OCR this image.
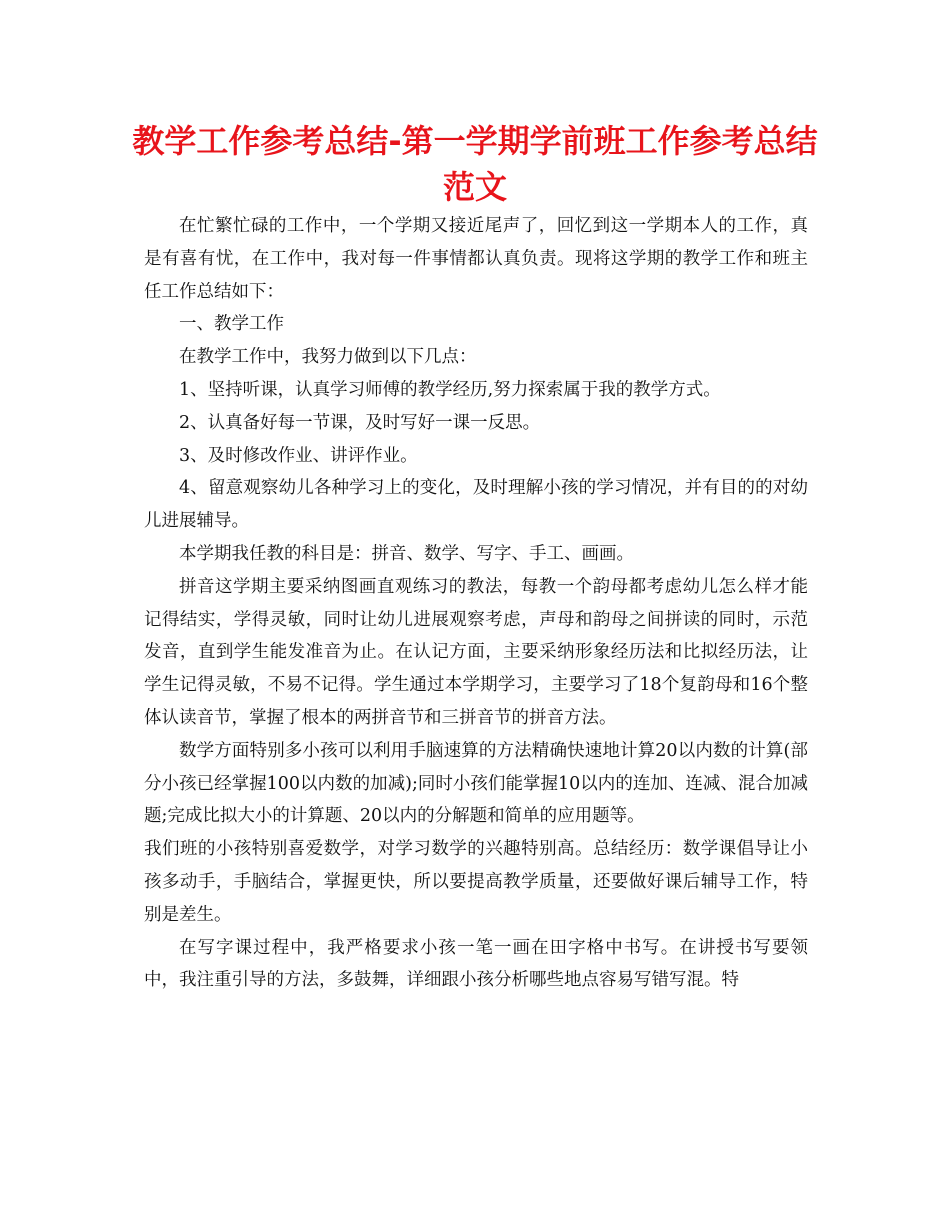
教学工作参考总结-第一学期学前班工作参考总结范文

在忙繁忙碌的工作中，一个学期又接近尾声了，回忆到这一学期本人的工作，真是有喜有忧，在工作中，我对每一件事情都认真负责。现将这学期的教学工作和班主任工作总结如下：

一、教学工作

在教学工作中，我努力做到以下几点：

1、坚持听课，认真学习师傅的教学经历,努力探索属于我的教学方式。

2、认真备好每一节课，及时写好一课一反思。

3、及时修改作业、讲评作业。

4、留意观察幼儿各种学习上的变化，及时理解小孩的学习情况，并有目的的对幼儿进展辅导。

本学期我任教的科目是：拼音、数学、写字、手工、画画。

拼音这学期主要采纳图画直观练习的教法，每教一个韵母都考虑幼儿怎么样才能记得结实，学得灵敏，同时让幼儿进展观察考虑，声母和韵母之间拼读的同时，示范发音，直到学生能发准音为止。在认记方面，主要采纳形象经历法和比拟经历法，让学生记得灵敏，不易不记得。学生通过本学期学习，主要学习了18个复韵母和16个整体认读音节，掌握了根本的两拼音节和三拼音节的拼音方法。

数学方面特别多小孩可以利用手脑速算的方法精确快速地计算20以内数的计算(部分小孩已经掌握100以内数的加减);同时小孩们能掌握10以内的连加、连减、混合加减题;完成比拟大小的计算题、20以内的分解题和简单的应用题等。

我们班的小孩特别喜爱数学，对学习数学的兴趣特别高。总结经历：数学课倡导让小孩多动手，手脑结合，掌握更快，所以要提高教学质量，还要做好课后辅导工作，特别是差生。

在写字课过程中，我严格要求小孩一笔一画在田字格中书写。在讲授书写要领中，我注重引导的方法，多鼓舞，详细跟小孩分析哪些地点容易写错写混。特
